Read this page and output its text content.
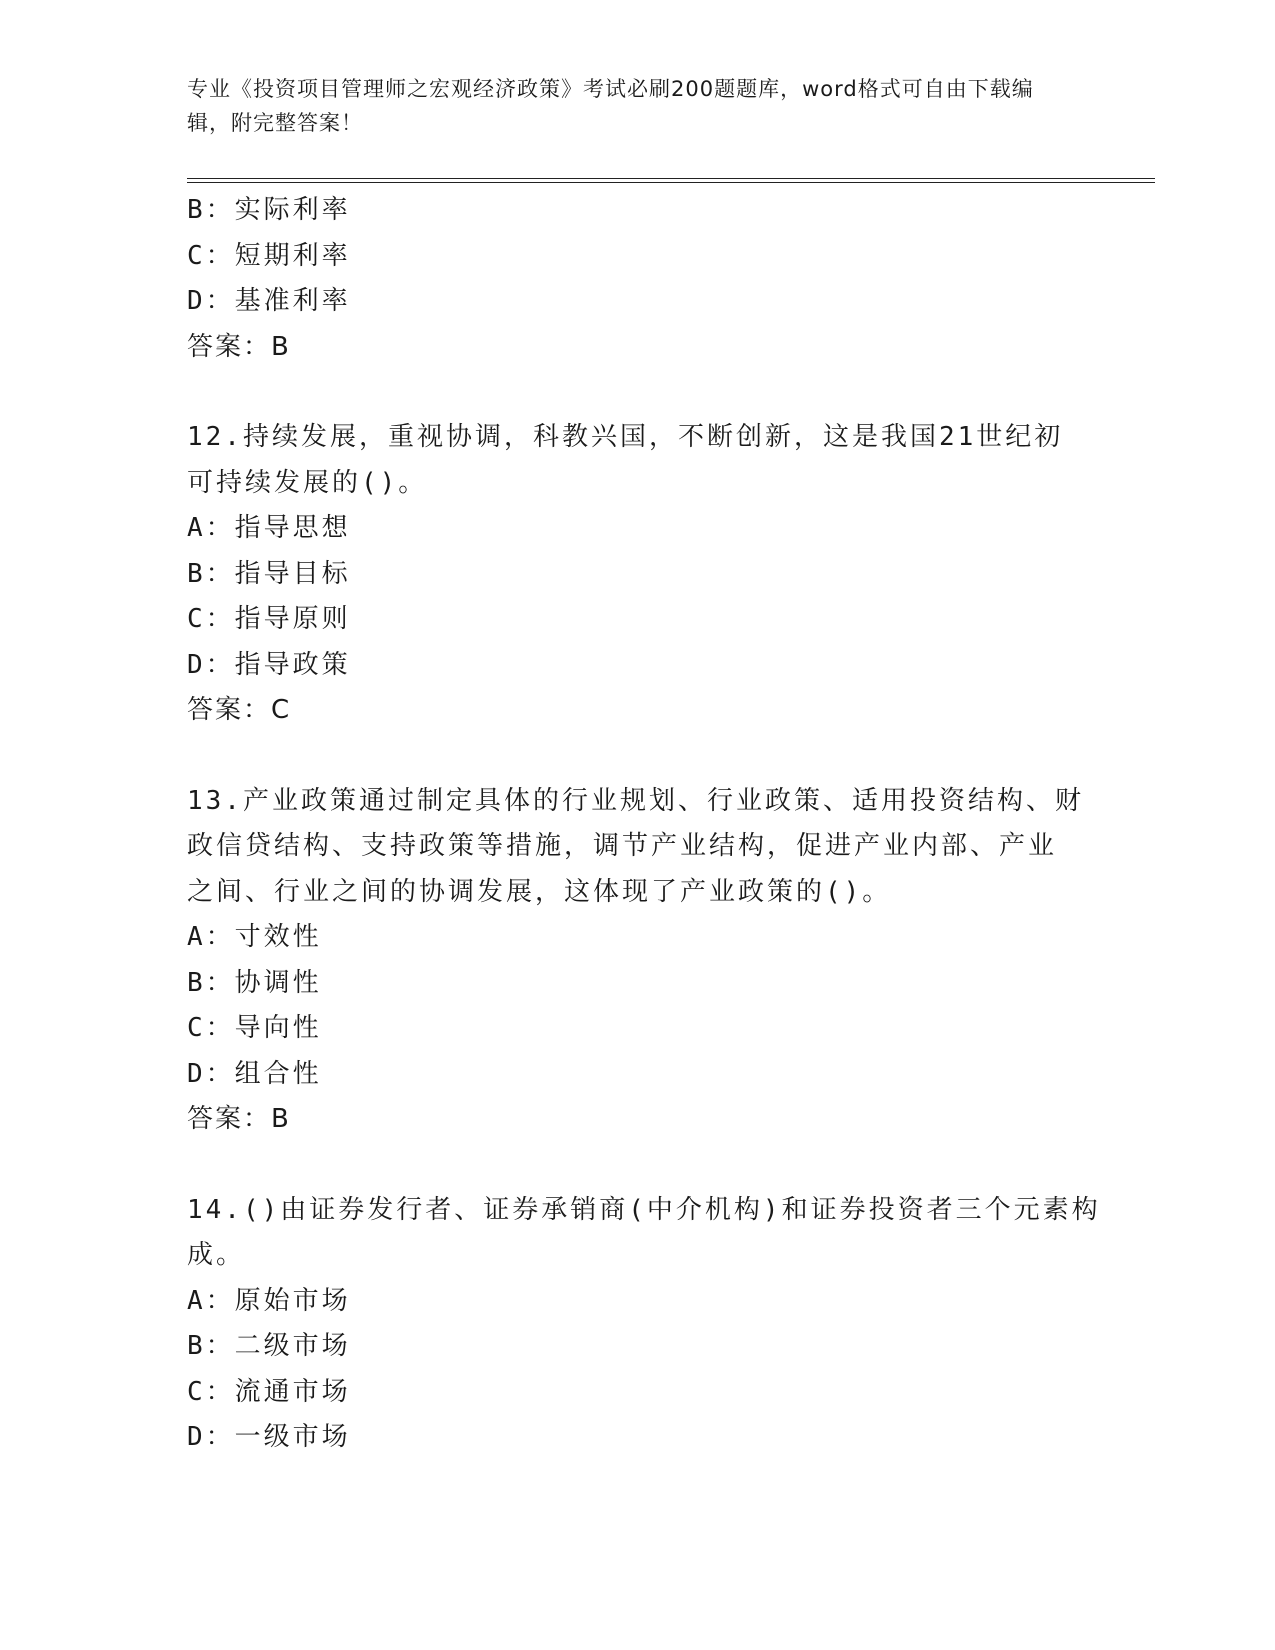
专业《投资项目管理师之宏观经济政策》考试必刷200题题库，word格式可自由下载编辑，附完整答案！

B：实际利率

C：短期利率

D：基准利率

答案：B

12.持续发展，重视协调，科教兴国，不断创新，这是我国21世纪初

可持续发展的()。

A：指导思想

B：指导目标

C：指导原则

D：指导政策

答案：C

13.产业政策通过制定具体的行业规划、行业政策、适用投资结构、财

政信贷结构、支持政策等措施，调节产业结构，促进产业内部、产业

之间、行业之间的协调发展，这体现了产业政策的()。

A：寸效性

B：协调性

C：导向性

D：组合性

答案：B

14.()由证券发行者、证券承销商(中介机构)和证券投资者三个元素构

成。

A：原始市场

B：二级市场

C：流通市场

D：一级市场
